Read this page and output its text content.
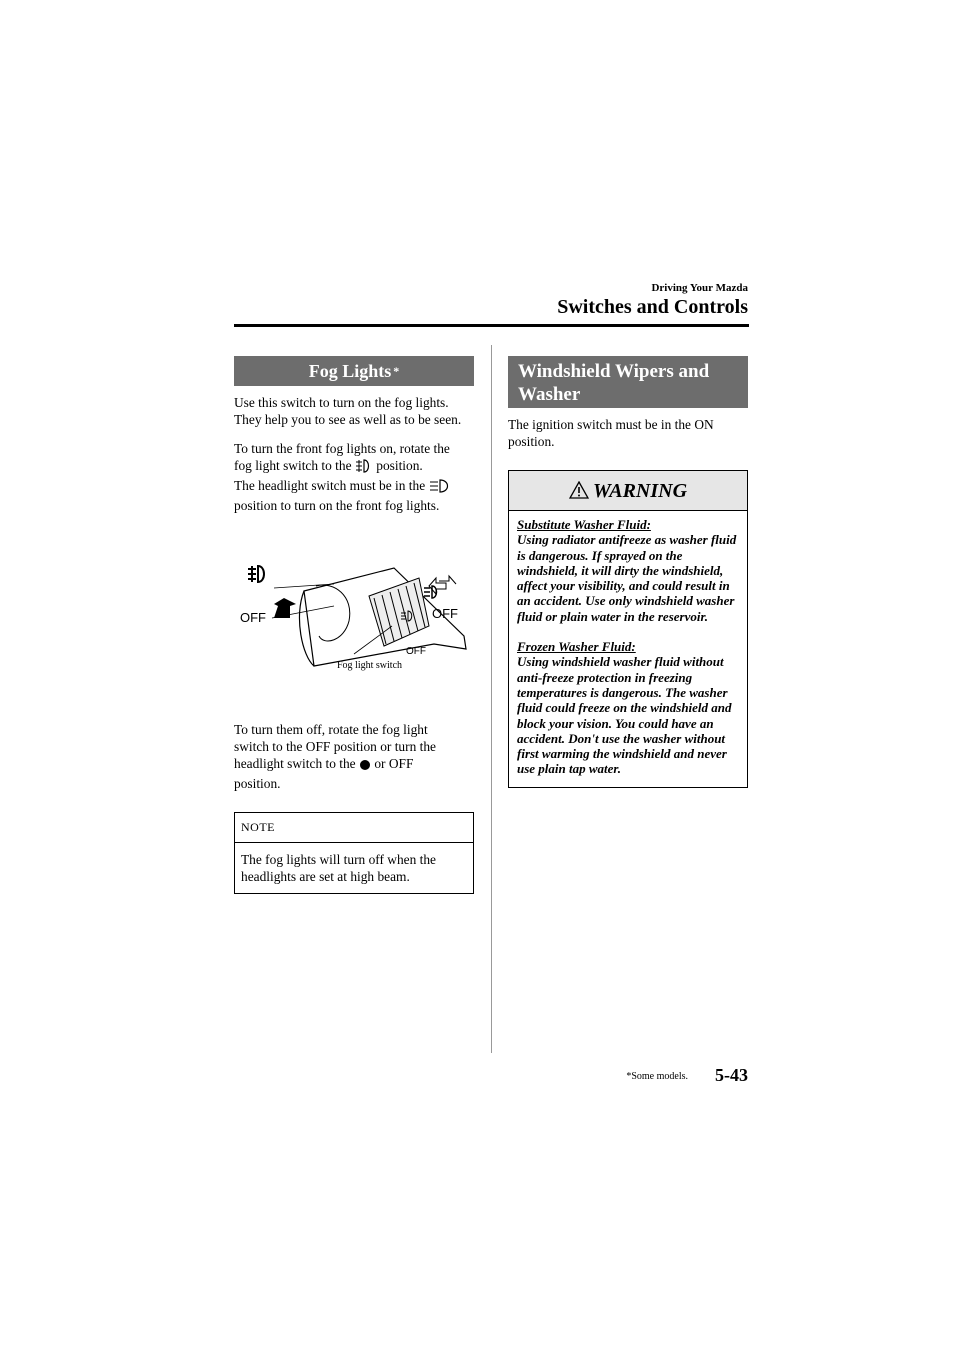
Driving Your Mazda
Switches and Controls
Fog Lights *

Use this switch to turn on the fog lights. They help you to see as well as to be seen.

To turn the front fog lights on, rotate the
fog light switch to the position.
The headlight switch must be in the
position to turn on the front fog lights.
OFF
OFF	OFF
Fog light switch
To turn them off, rotate the fog light
switch to the OFF position or turn the
headlight switch to the or OFF
position.
NOTE
The fog lights will turn off when the headlights are set at high beam.
Windshield Wipers and
Washer

The ignition switch must be in the ON position.

WARNING
Substitute Washer Fluid:
Using radiator antifreeze as washer fluid is dangerous. If sprayed on the windshield, it will dirty the windshield, affect your visibility, and could result in an accident. Use only windshield washer fluid or plain water in the reservoir.
Frozen Washer Fluid:
Using windshield washer fluid without anti-freeze protection in freezing temperatures is dangerous. The washer fluid could freeze on the windshield and block your vision. You could have an accident. Don't use the washer without first warming the windshield and never use plain tap water.
*Some models. 5-43
